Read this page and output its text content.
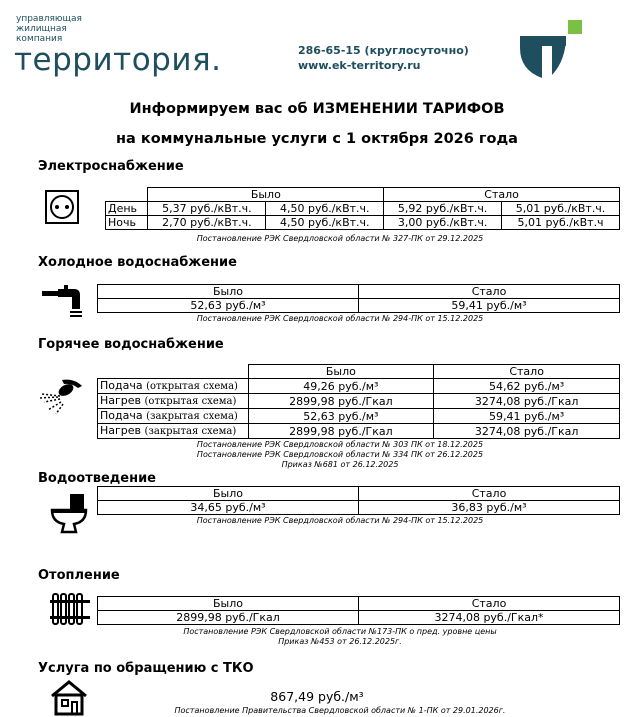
управляющая
жилищная
компания
территория.	286-65-15 (круглосуточно)
www.ek-territory.ru
Информируем вас об ИЗМЕНЕНИИ ТАРИФОВ
на коммунальные услуги с 1 октября 2026 года
Электроснабжение
	Было		Стало	
День	5,37 руб./кВт.ч.	4,50 руб./кВт.ч.	5,92 руб./кВт.ч.	5,01 руб./кВт.ч.
Ночь	2,70 руб./кВт.ч.	4,50 руб./кВт.ч.	3,00 руб./кВт.ч.	5,01 руб./кВт.ч
Постановление РЭК Свердловской области № 327-ПК от 29.12.2025
Холодное водоснабжение
Было	Стало
52,63 руб./м³	59,41 руб./м³
Постановление РЭК Свердловской области № 294-ПК от 15.12.2025
Горячее водоснабжение
	Было	Стало
Подача (открытая схема)	49,26 руб./м³	54,62 руб./м³
Нагрев (открытая схема)	2899,98 руб./Гкал	3274,08 руб./Гкал
Подача (закрытая схема)	52,63 руб./м³	59,41 руб./м³
Нагрев (закрытая схема)	2899,98 руб./Гкал	3274,08 руб./Гкал
Постановление РЭК Свердловской области № 303 ПК от 18.12.2025
Постановление РЭК Свердловской области № 334 ПК от 26.12.2025
Приказ №681 от 26.12.2025
Водоотведение
Было	Стало
34,65 руб./м³	36,83 руб./м³
Постановление РЭК Свердловской области № 294-ПК от 15.12.2025
Отопление
Было	Стало
2899,98 руб./Гкал	3274,08 руб./Гкал*
Постановление РЭК Свердловской области №173-ПК о пред. уровне цены
Приказ №453 от 26.12.2025г.
Услуга по обращению с ТКО
867,49 руб./м³
Постановление Правительства Свердловской области № 1-ПК от 29.01.2026г.
